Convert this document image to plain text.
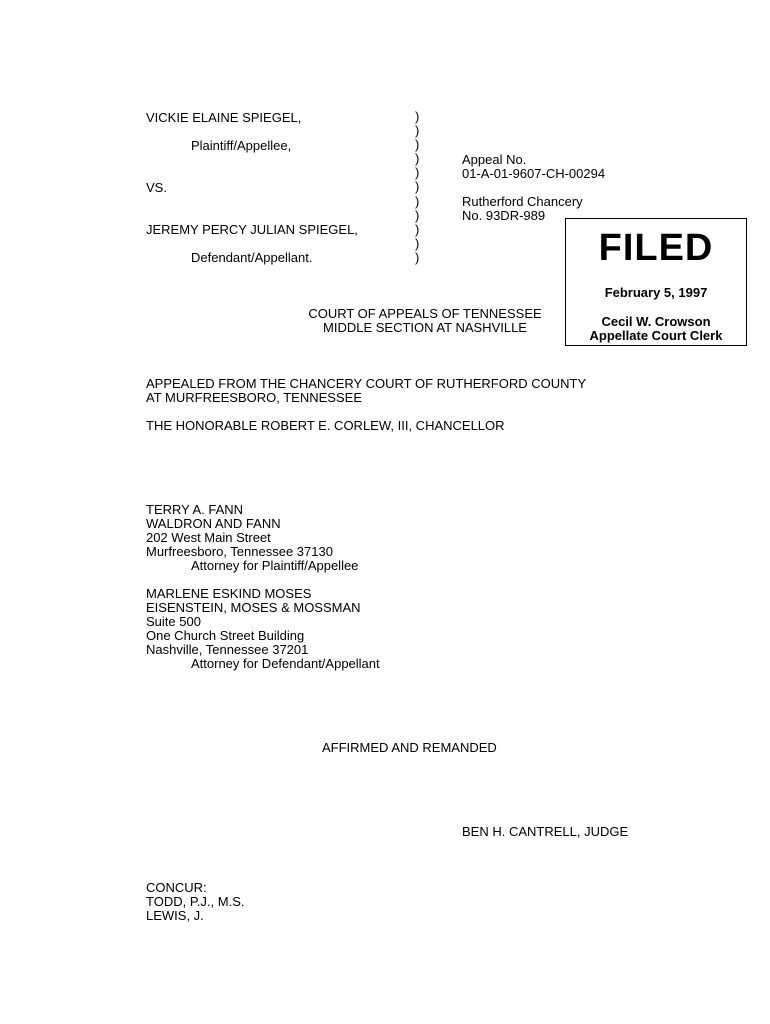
VICKIE ELAINE SPIEGEL,
Plaintiff/Appellee,
VS.
JEREMY PERCY JULIAN SPIEGEL,
Defendant/Appellant.
)
)
)
)
)
)
)
)
)
)
)
Appeal No.
01-A-01-9607-CH-00294
Rutherford Chancery
No. 93DR-989
FILED
February 5, 1997
Cecil W. Crowson
Appellate Court Clerk
COURT OF APPEALS OF TENNESSEE
MIDDLE SECTION AT NASHVILLE
APPEALED FROM THE CHANCERY COURT OF RUTHERFORD COUNTY
AT MURFREESBORO, TENNESSEE
THE HONORABLE ROBERT E. CORLEW, III, CHANCELLOR
TERRY A. FANN
WALDRON AND FANN
202 West Main Street
Murfreesboro, Tennessee 37130
Attorney for Plaintiff/Appellee
MARLENE ESKIND MOSES
EISENSTEIN, MOSES & MOSSMAN
Suite 500
One Church Street Building
Nashville, Tennessee 37201
Attorney for Defendant/Appellant
AFFIRMED AND REMANDED
BEN H. CANTRELL, JUDGE
CONCUR:
TODD, P.J., M.S.
LEWIS, J.
